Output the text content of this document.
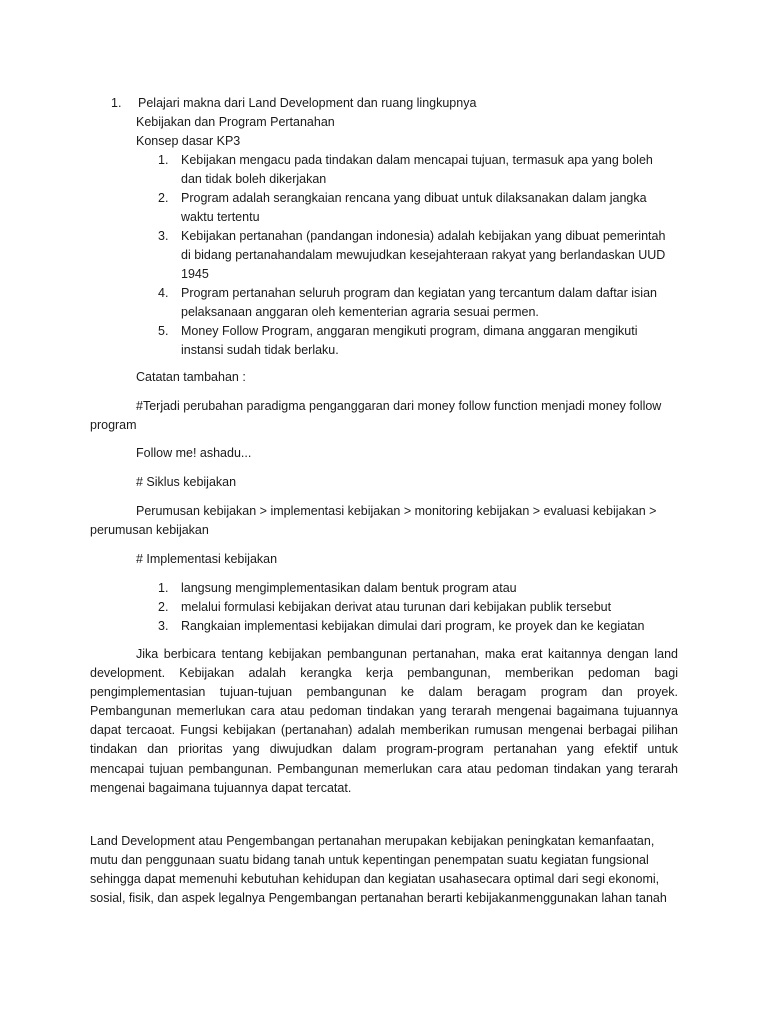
1. Pelajari makna dari Land Development dan ruang lingkupnya
Kebijakan dan Program Pertanahan
Konsep dasar KP3
1. Kebijakan mengacu pada tindakan dalam mencapai tujuan, termasuk apa yang boleh
dan tidak boleh dikerjakan
2. Program adalah serangkaian rencana yang dibuat untuk dilaksanakan dalam jangka
waktu tertentu
3. Kebijakan pertanahan (pandangan indonesia) adalah kebijakan yang dibuat pemerintah
di bidang pertanahandalam mewujudkan kesejahteraan rakyat yang berlandaskan UUD
1945
4. Program pertanahan seluruh program dan kegiatan yang tercantum dalam daftar isian
pelaksanaan anggaran oleh kementerian agraria sesuai permen.
5. Money Follow Program, anggaran mengikuti program, dimana anggaran mengikuti
instansi sudah tidak berlaku.
Catatan tambahan :
#Terjadi perubahan paradigma penganggaran dari money follow function menjadi money follow
program
Follow me! ashadu...
# Siklus kebijakan
Perumusan kebijakan > implementasi kebijakan > monitoring kebijakan > evaluasi kebijakan >
perumusan kebijakan
# Implementasi kebijakan
1. langsung mengimplementasikan dalam bentuk program atau
2. melalui formulasi kebijakan derivat atau turunan dari kebijakan publik tersebut
3. Rangkaian implementasi kebijakan dimulai dari program, ke proyek dan ke kegiatan
Jika berbicara tentang kebijakan pembangunan pertanahan, maka erat kaitannya dengan land
development. Kebijakan adalah kerangka kerja pembangunan, memberikan pedoman bagi
pengimplementasian tujuan-tujuan pembangunan ke dalam beragam program dan proyek.
Pembangunan memerlukan cara atau pedoman tindakan yang terarah mengenai bagaimana tujuannya
dapat tercaoat. Fungsi kebijakan (pertanahan) adalah memberikan rumusan mengenai berbagai pilihan
tindakan dan prioritas yang diwujudkan dalam program-program pertanahan yang efektif untuk
mencapai tujuan pembangunan. Pembangunan memerlukan cara atau pedoman tindakan yang terarah
mengenai bagaimana tujuannya dapat tercatat.
Land Development atau Pengembangan pertanahan merupakan kebijakan peningkatan kemanfaatan,
mutu dan penggunaan suatu bidang tanah untuk kepentingan penempatan suatu kegiatan fungsional
sehingga dapat memenuhi kebutuhan kehidupan dan kegiatan usahasecara optimal dari segi ekonomi,
sosial, fisik, dan aspek legalnya Pengembangan pertanahan berarti kebijakanmenggunakan lahan tanah
